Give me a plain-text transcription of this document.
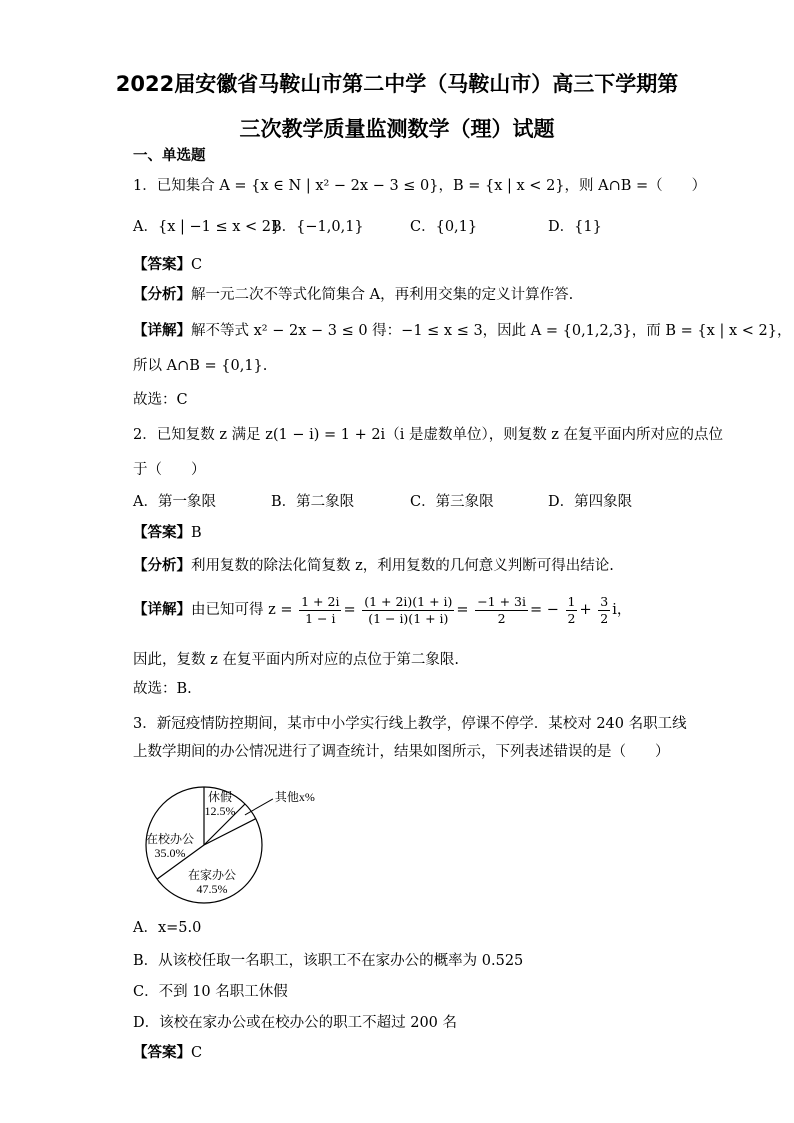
2022届安徽省马鞍山市第二中学（马鞍山市）高三下学期第
三次教学质量监测数学（理）试题
一、单选题
1．已知集合 A = {x ∈ N | x² − 2x − 3 ≤ 0}，B = {x | x < 2}，则 A∩B =（　　）
A．{x | −1 ≤ x < 2}
B．{−1,0,1}	C．{0,1}	D．{1}
【答案】C
【分析】解一元二次不等式化简集合 A，再利用交集的定义计算作答.
【详解】解不等式 x² − 2x − 3 ≤ 0 得：−1 ≤ x ≤ 3，因此 A = {0,1,2,3}，而 B = {x | x < 2}，
所以 A∩B = {0,1}.
故选：C
2．已知复数 z 满足 z(1 − i) = 1 + 2i（i 是虚数单位），则复数 z 在复平面内所对应的点位
于（　　）
A．第一象限	B．第二象限	C．第三象限	D．第四象限
【答案】B
【分析】利用复数的除法化简复数 z，利用复数的几何意义判断可得出结论.
【详解】由已知可得 $z = \frac{1 + 2i}{1 - i} = \frac{(1 + 2i)(1 + i)}{(1 - i)(1 + i)} = \frac{-1 + 3i}{2}$ = − $\frac{1}{2} + \frac{3}{2}$ i，
因此，复数 z 在复平面内所对应的点位于第二象限.
故选：B.
3．新冠疫情防控期间，某市中小学实行线上教学，停课不停学．某校对 240 名职工线
上数学期间的办公情况进行了调查统计，结果如图所示，下列表述错误的是（　　）
休假
12.5%
其他x%
在家办公
47.5%
在校办公
35.0%
A．x=5.0
B．从该校任取一名职工，该职工不在家办公的概率为 0.525
C．不到 10 名职工休假
D．该校在家办公或在校办公的职工不超过 200 名
【答案】C
